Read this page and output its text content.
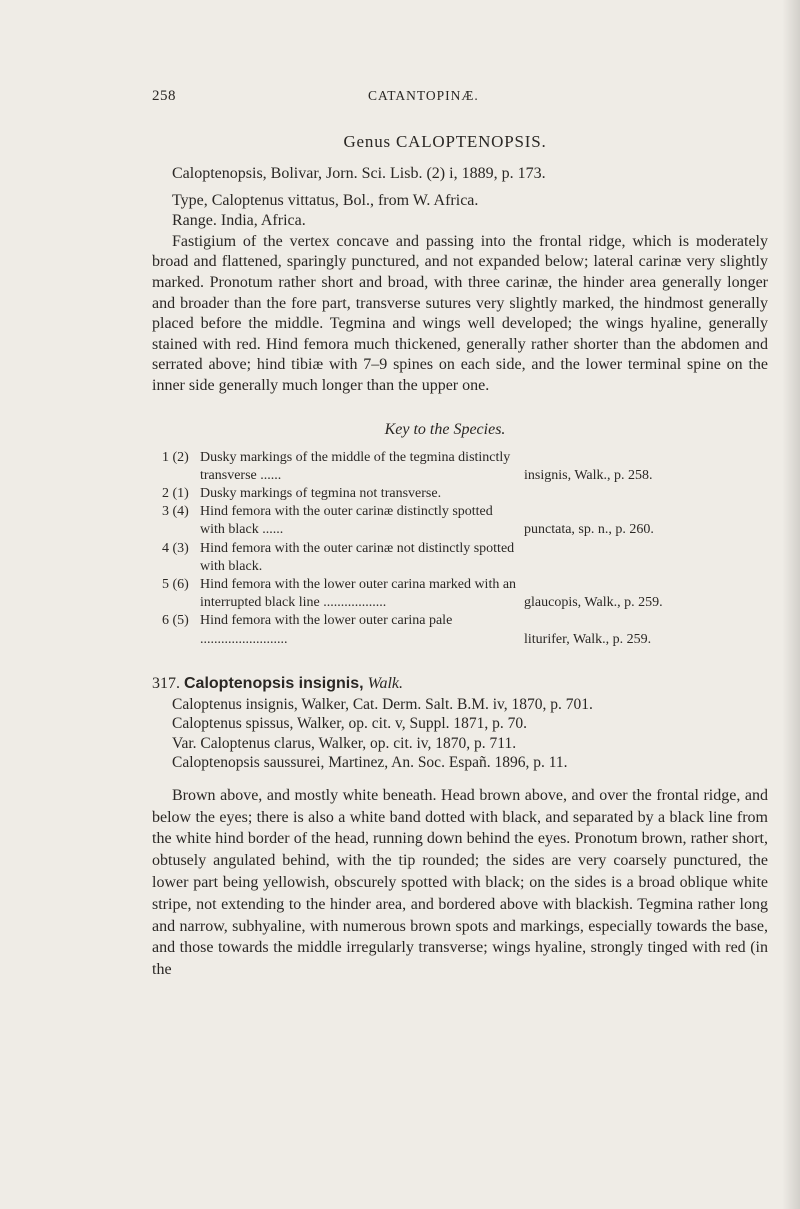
258	CATANTOPINÆ.
Genus CALOPTENOPSIS.

Caloptenopsis, Bolivar, Jorn. Sci. Lisb. (2) i, 1889, p. 173.

Type, Caloptenus vittatus, Bol., from W. Africa.

Range. India, Africa.

Fastigium of the vertex concave and passing into the frontal ridge, which is moderately broad and flattened, sparingly punctured, and not expanded below; lateral carinæ very slightly marked. Pronotum rather short and broad, with three carinæ, the hinder area generally longer and broader than the fore part, transverse sutures very slightly marked, the hindmost generally placed before the middle. Tegmina and wings well developed; the wings hyaline, generally stained with red. Hind femora much thickened, generally rather shorter than the abdomen and serrated above; hind tibiæ with 7–9 spines on each side, and the lower terminal spine on the inner side generally much longer than the upper one.

Key to the Species.
1 (2) Dusky markings of the middle of the tegmina distinctly transverse ......	insignis, Walk., p. 258.
2 (1) Dusky markings of tegmina not transverse.
3 (4) Hind femora with the outer carinæ distinctly spotted with black ......	punctata, sp. n., p. 260.
4 (3) Hind femora with the outer carinæ not distinctly spotted with black.
5 (6) Hind femora with the lower outer carina marked with an interrupted black line ..................	glaucopis, Walk., p. 259.
6 (5) Hind femora with the lower outer carina pale .........................	liturifer, Walk., p. 259.
317. Caloptenopsis insignis, Walk.

Caloptenus insignis, Walker, Cat. Derm. Salt. B.M. iv, 1870, p. 701.

Caloptenus spissus, Walker, op. cit. v, Suppl. 1871, p. 70.

Var. Caloptenus clarus, Walker, op. cit. iv, 1870, p. 711.

Caloptenopsis saussurei, Martinez, An. Soc. Españ. 1896, p. 11.

Brown above, and mostly white beneath. Head brown above, and over the frontal ridge, and below the eyes; there is also a white band dotted with black, and separated by a black line from the white hind border of the head, running down behind the eyes. Pronotum brown, rather short, obtusely angulated behind, with the tip rounded; the sides are very coarsely punctured, the lower part being yellowish, obscurely spotted with black; on the sides is a broad oblique white stripe, not extending to the hinder area, and bordered above with blackish. Tegmina rather long and narrow, subhyaline, with numerous brown spots and markings, especially towards the base, and those towards the middle irregularly transverse; wings hyaline, strongly tinged with red (in the
